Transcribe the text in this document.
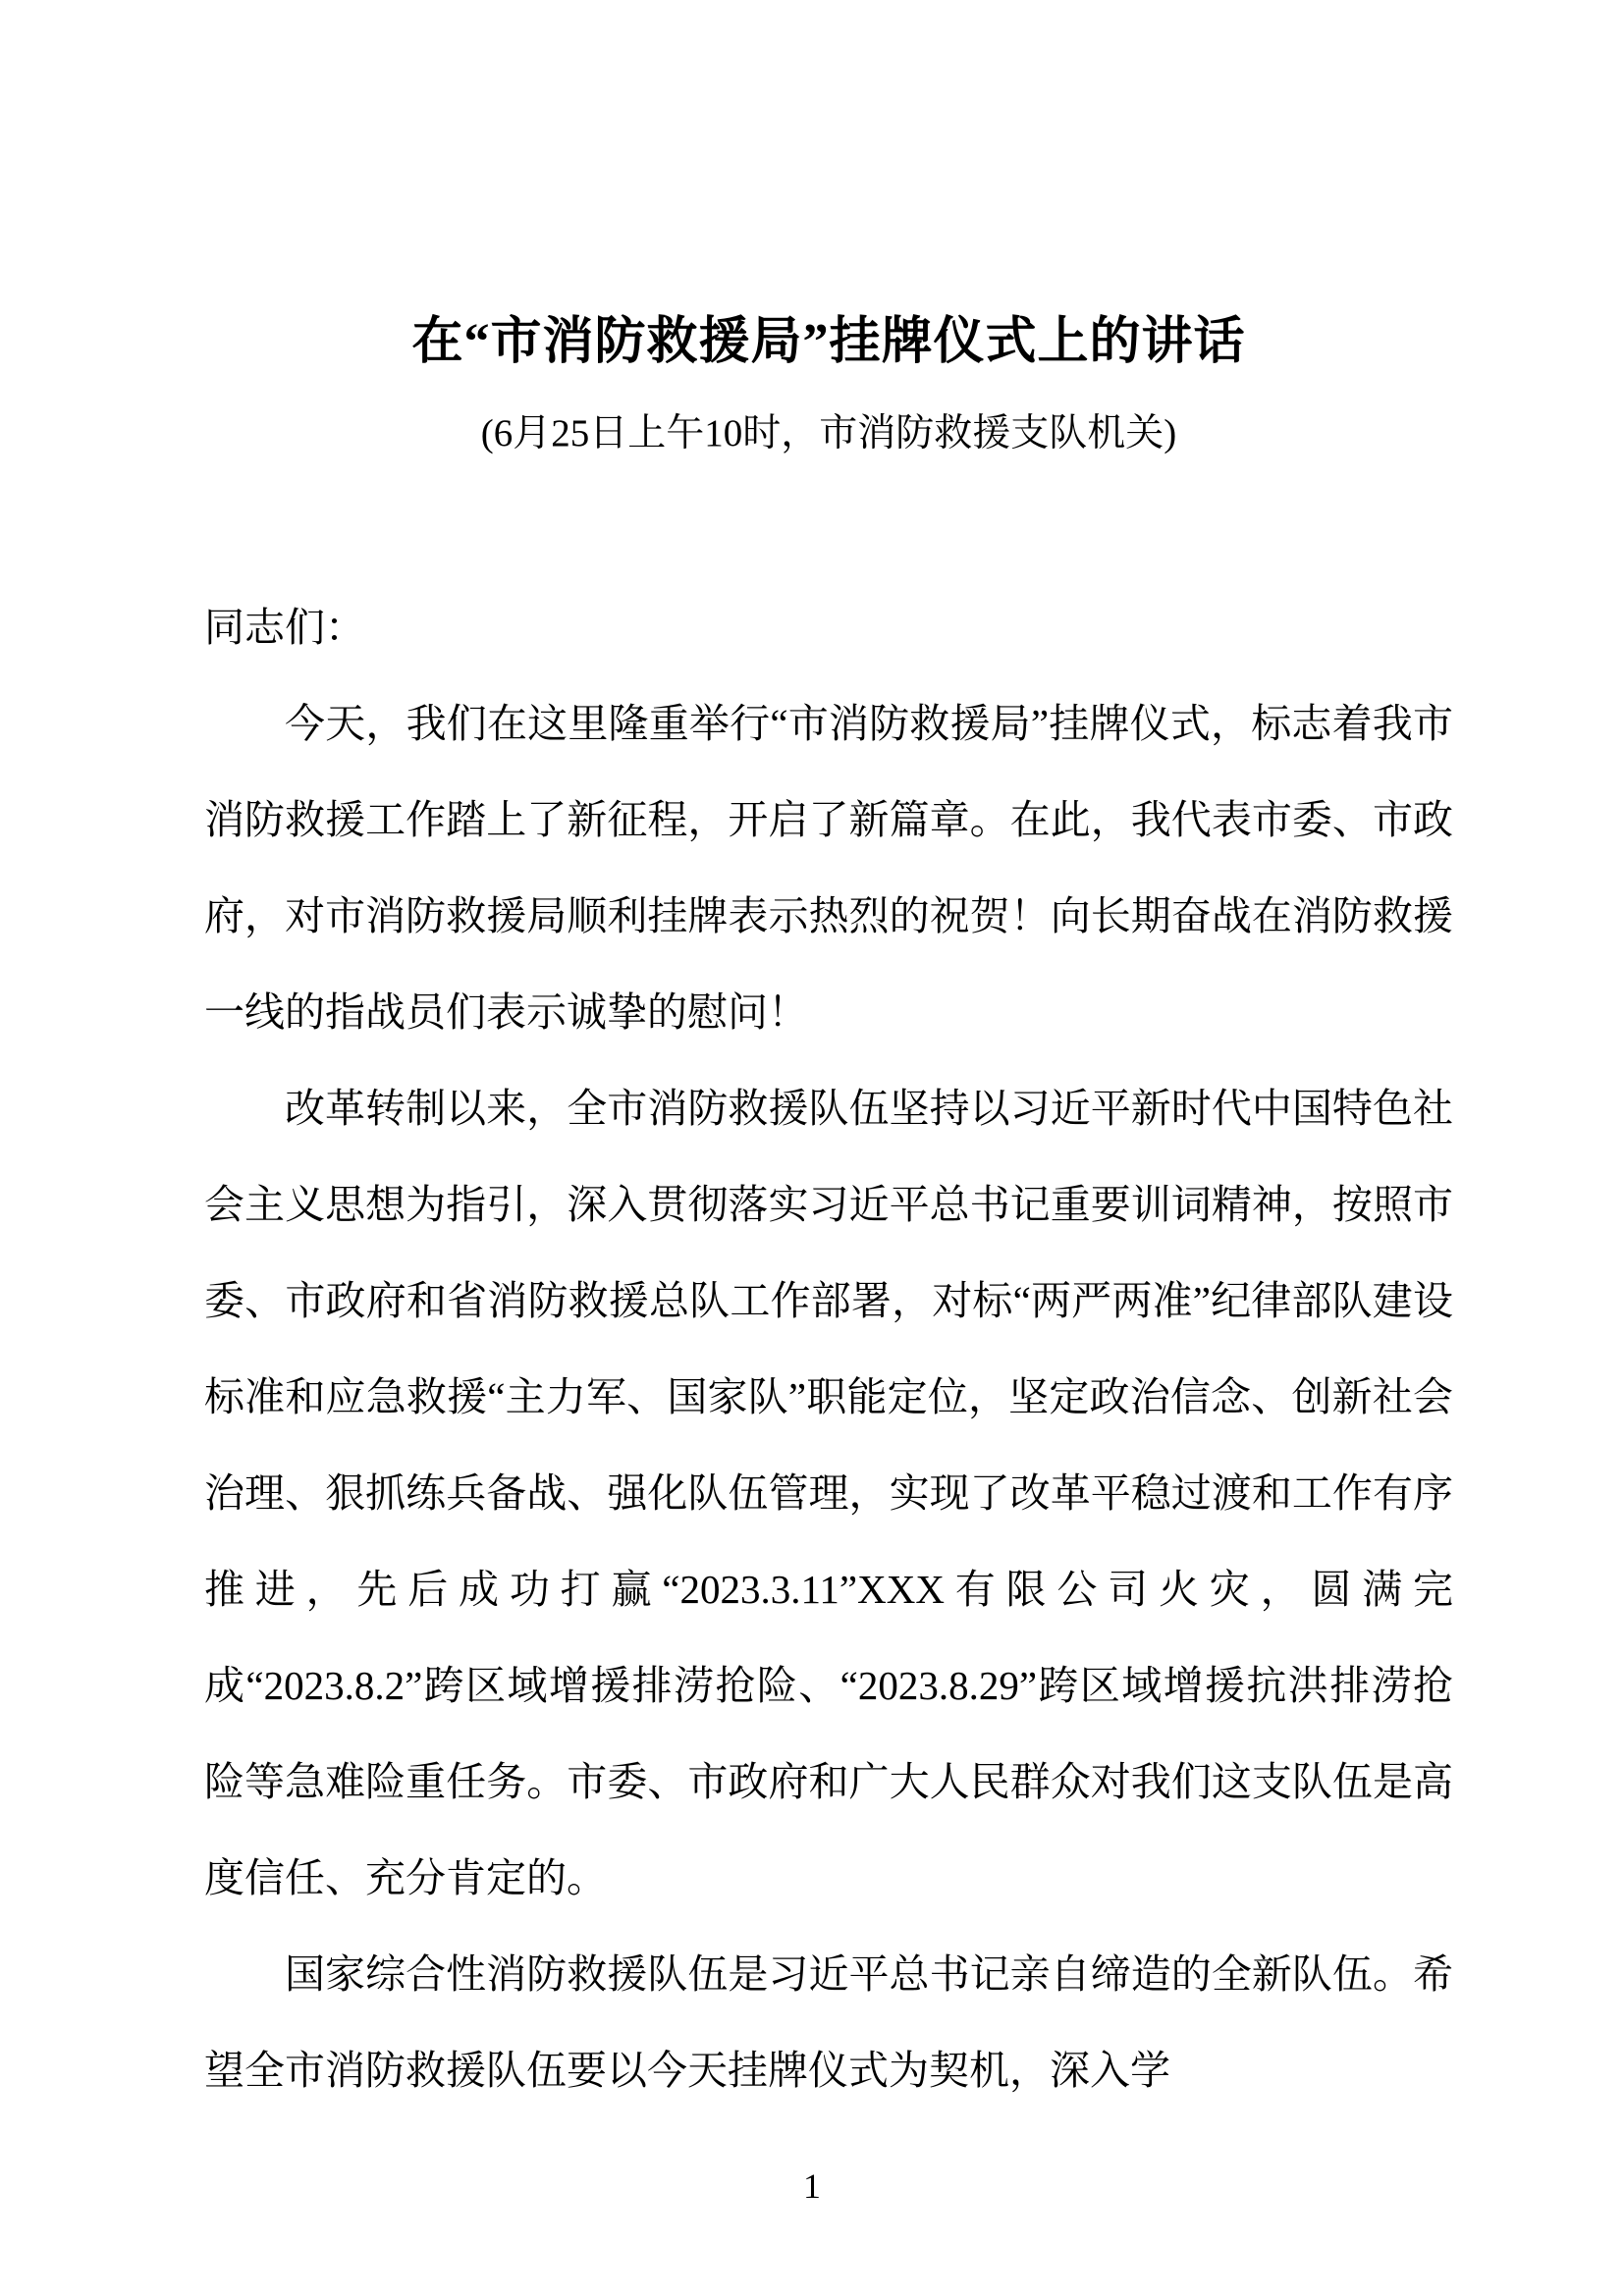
在“市消防救援局”挂牌仪式上的讲话
(6月25日上午10时，市消防救援支队机关)

同志们：

今天，我们在这里隆重举行“市消防救援局”挂牌仪式，标志着我市消防救援工作踏上了新征程，开启了新篇章。在此，我代表市委、市政府，对市消防救援局顺利挂牌表示热烈的祝贺！向长期奋战在消防救援一线的指战员们表示诚挚的慰问！

改革转制以来，全市消防救援队伍坚持以习近平新时代中国特色社会主义思想为指引，深入贯彻落实习近平总书记重要训词精神，按照市委、市政府和省消防救援总队工作部署，对标“两严两准”纪律部队建设标准和应急救援“主力军、国家队”职能定位，坚定政治信念、创新社会治理、狠抓练兵备战、强化队伍管理，实现了改革平稳过渡和工作有序推进，先后成功打赢“2023.3.11”XXX有限公司火灾，圆满完成“2023.8.2”跨区域增援排涝抢险、“2023.8.29”跨区域增援抗洪排涝抢险等急难险重任务。市委、市政府和广大人民群众对我们这支队伍是高度信任、充分肯定的。

国家综合性消防救援队伍是习近平总书记亲自缔造的全新队伍。希望全市消防救援队伍要以今天挂牌仪式为契机，深入学

1
